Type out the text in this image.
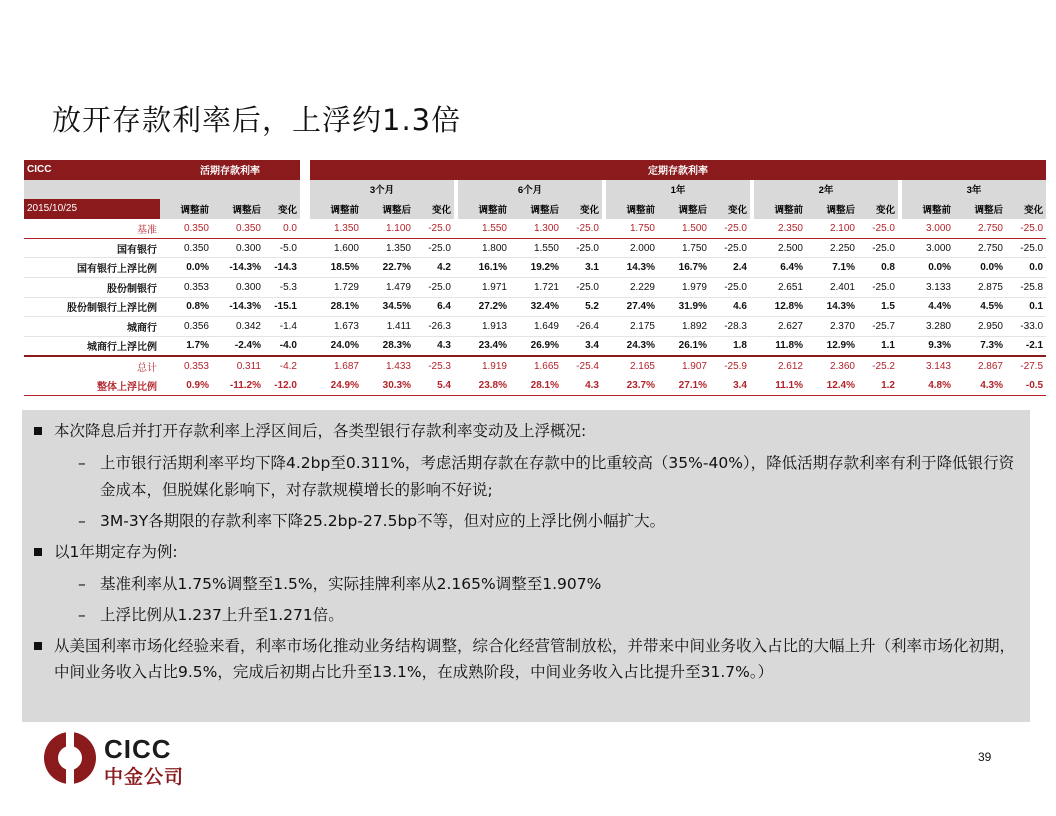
放开存款利率后，上浮约1.3倍
CICC	活期存款利率				定期存款利率																		
					3个月				6个月				1年				2年				3年		
2015/10/25	调整前	调整后	变化		调整前	调整后	变化		调整前	调整后	变化		调整前	调整后	变化		调整前	调整后	变化		调整前	调整后	变化
基准	0.350	0.350	0.0		1.350	1.100	-25.0		1.550	1.300	-25.0		1.750	1.500	-25.0		2.350	2.100	-25.0		3.000	2.750	-25.0
国有银行	0.350	0.300	-5.0		1.600	1.350	-25.0		1.800	1.550	-25.0		2.000	1.750	-25.0		2.500	2.250	-25.0		3.000	2.750	-25.0
国有银行上浮比例	0.0%	-14.3%	-14.3		18.5%	22.7%	4.2		16.1%	19.2%	3.1		14.3%	16.7%	2.4		6.4%	7.1%	0.8		0.0%	0.0%	0.0
股份制银行	0.353	0.300	-5.3		1.729	1.479	-25.0		1.971	1.721	-25.0		2.229	1.979	-25.0		2.651	2.401	-25.0		3.133	2.875	-25.8
股份制银行上浮比例	0.8%	-14.3%	-15.1		28.1%	34.5%	6.4		27.2%	32.4%	5.2		27.4%	31.9%	4.6		12.8%	14.3%	1.5		4.4%	4.5%	0.1
城商行	0.356	0.342	-1.4		1.673	1.411	-26.3		1.913	1.649	-26.4		2.175	1.892	-28.3		2.627	2.370	-25.7		3.280	2.950	-33.0
城商行上浮比例	1.7%	-2.4%	-4.0		24.0%	28.3%	4.3		23.4%	26.9%	3.4		24.3%	26.1%	1.8		11.8%	12.9%	1.1		9.3%	7.3%	-2.1
总计	0.353	0.311	-4.2		1.687	1.433	-25.3		1.919	1.665	-25.4		2.165	1.907	-25.9		2.612	2.360	-25.2		3.143	2.867	-27.5
整体上浮比例	0.9%	-11.2%	-12.0		24.9%	30.3%	5.4		23.8%	28.1%	4.3		23.7%	27.1%	3.4		11.1%	12.4%	1.2		4.8%	4.3%	-0.5
本次降息后并打开存款利率上浮区间后，各类型银行存款利率变动及上浮概况:
– 上市银行活期利率平均下降4.2bp至0.311%，考虑活期存款在存款中的比重较高（35%-40%），降低活期存款利率有利于降低银行资金成本，但脱媒化影响下，对存款规模增长的影响不好说;
– 3M-3Y各期限的存款利率下降25.2bp-27.5bp不等，但对应的上浮比例小幅扩大。
以1年期定存为例:
– 基准利率从1.75%调整至1.5%，实际挂牌利率从2.165%调整至1.907%
– 上浮比例从1.237上升至1.271倍。
从美国利率市场化经验来看，利率市场化推动业务结构调整，综合化经营管制放松，并带来中间业务收入占比的大幅上升（利率市场化初期，中间业务收入占比9.5%，完成后初期占比升至13.1%，在成熟阶段，中间业务收入占比提升至31.7%。）
CICC
中金公司
39
